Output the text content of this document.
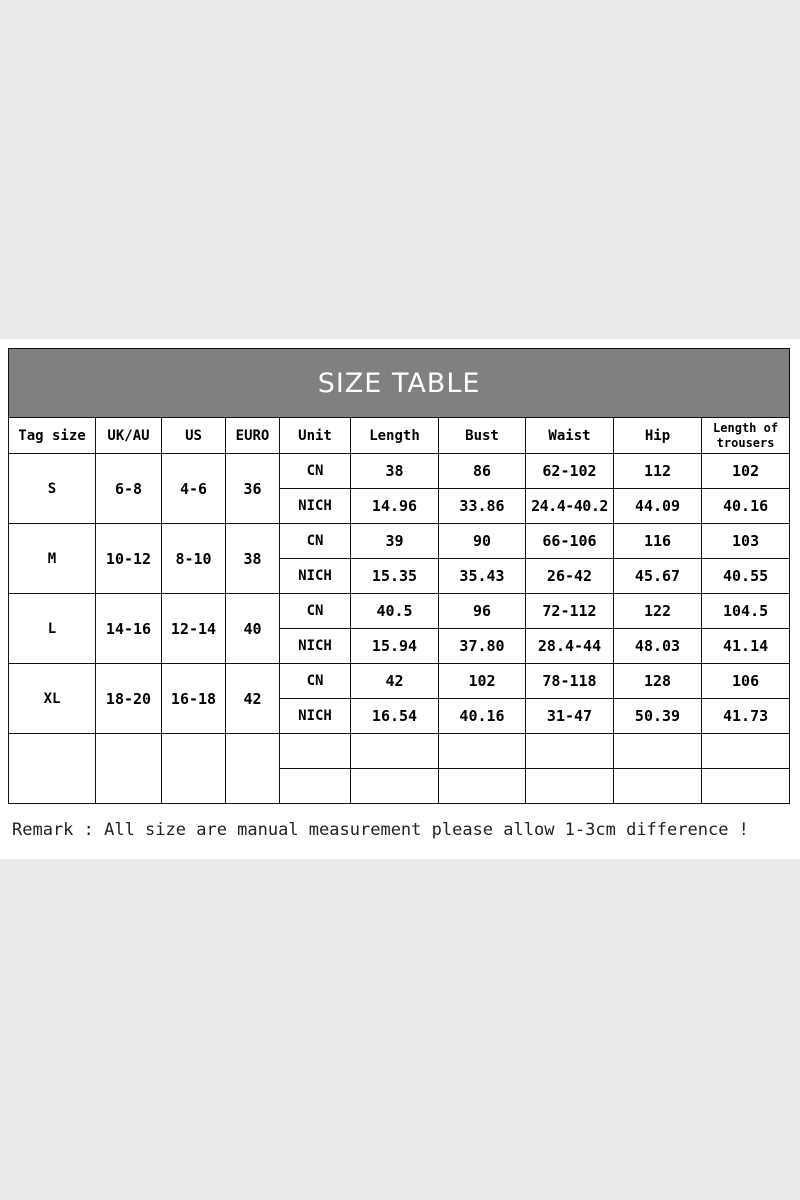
SIZE TABLE									
Tag size	UK/AU	US	EURO	Unit	Length	Bust	Waist	Hip	Length of
trousers
S	6-8	4-6	36	CN	38	86	62-102	112	102
				NICH	14.96	33.86	24.4-40.2	44.09	40.16
M	10-12	8-10	38	CN	39	90	66-106	116	103
				NICH	15.35	35.43	26-42	45.67	40.55
L	14-16	12-14	40	CN	40.5	96	72-112	122	104.5
				NICH	15.94	37.80	28.4-44	48.03	41.14
XL	18-20	16-18	42	CN	42	102	78-118	128	106
				NICH	16.54	40.16	31-47	50.39	41.73

Remark : All size are manual measurement please allow 1-3cm difference !
